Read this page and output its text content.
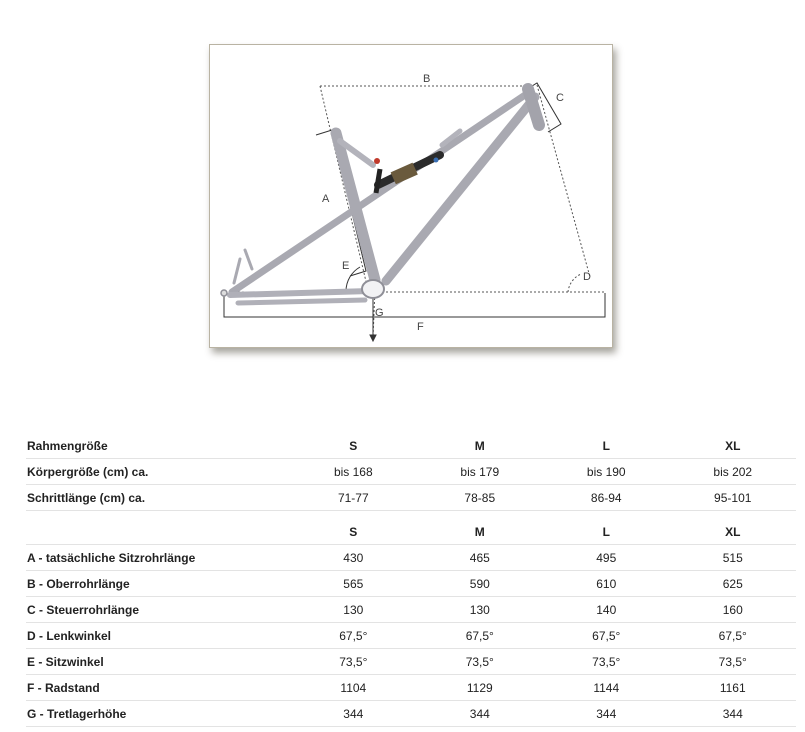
B
C
A
E
D
G
F
Rahmengröße	S	M	L	XL
Körpergröße (cm) ca.	bis 168	bis 179	bis 190	bis 202
Schrittlänge (cm) ca.	71-77	78-85	86-94	95-101

	S	M	L	XL
A - tatsächliche Sitzrohrlänge	430	465	495	515
B - Oberrohrlänge	565	590	610	625
C - Steuerrohrlänge	130	130	140	160
D - Lenkwinkel	67,5°	67,5°	67,5°	67,5°
E - Sitzwinkel	73,5°	73,5°	73,5°	73,5°
F - Radstand	1104	1129	1144	1161
G - Tretlagerhöhe	344	344	344	344
